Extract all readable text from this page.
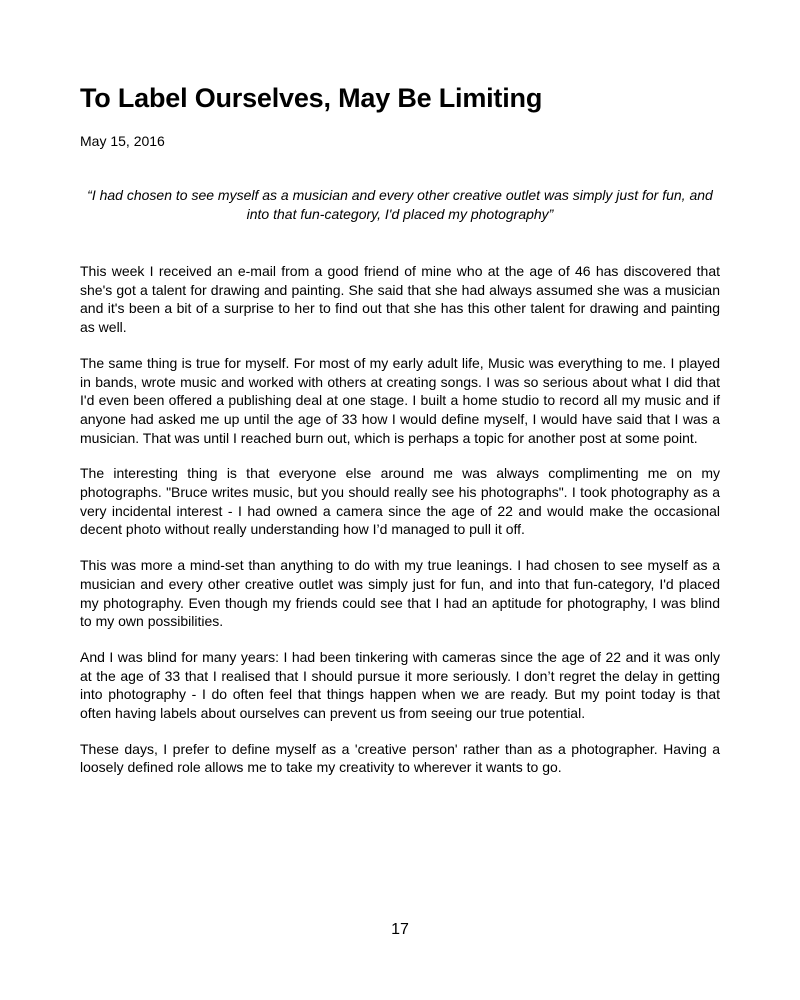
To Label Ourselves, May Be Limiting
May 15, 2016

“I had chosen to see myself as a musician and every other creative outlet was simply just for fun, and into that fun-category, I'd placed my photography”

This week I received an e-mail from a good friend of mine who at the age of 46 has discovered that she's got a talent for drawing and painting. She said that she had always assumed she was a musician and it's been a bit of a surprise to her to find out that she has this other talent for drawing and painting as well.

The same thing is true for myself. For most of my early adult life, Music was everything to me. I played in bands, wrote music and worked with others at creating songs. I was so serious about what I did that I'd even been offered a publishing deal at one stage. I built a home studio to record all my music and if anyone had asked me up until the age of 33 how I would define myself, I would have said that I was a musician. That was until I reached burn out, which is perhaps a topic for another post at some point.

The interesting thing is that everyone else around me was always complimenting me on my photographs. "Bruce writes music, but you should really see his photographs". I took photography as a very incidental interest - I had owned a camera since the age of 22 and would make the occasional decent photo without really understanding how I’d managed to pull it off.

This was more a mind-set than anything to do with my true leanings. I had chosen to see myself as a musician and every other creative outlet was simply just for fun, and into that fun-category, I'd placed my photography. Even though my friends could see that I had an aptitude for photography, I was blind to my own possibilities.

And I was blind for many years: I had been tinkering with cameras since the age of 22 and it was only at the age of 33 that I realised that I should pursue it more seriously. I don’t regret the delay in getting into photography - I do often feel that things happen when we are ready. But my point today is that often having labels about ourselves can prevent us from seeing our true potential.

These days, I prefer to define myself as a 'creative person' rather than as a photographer. Having a loosely defined role allows me to take my creativity to wherever it wants to go.

17
